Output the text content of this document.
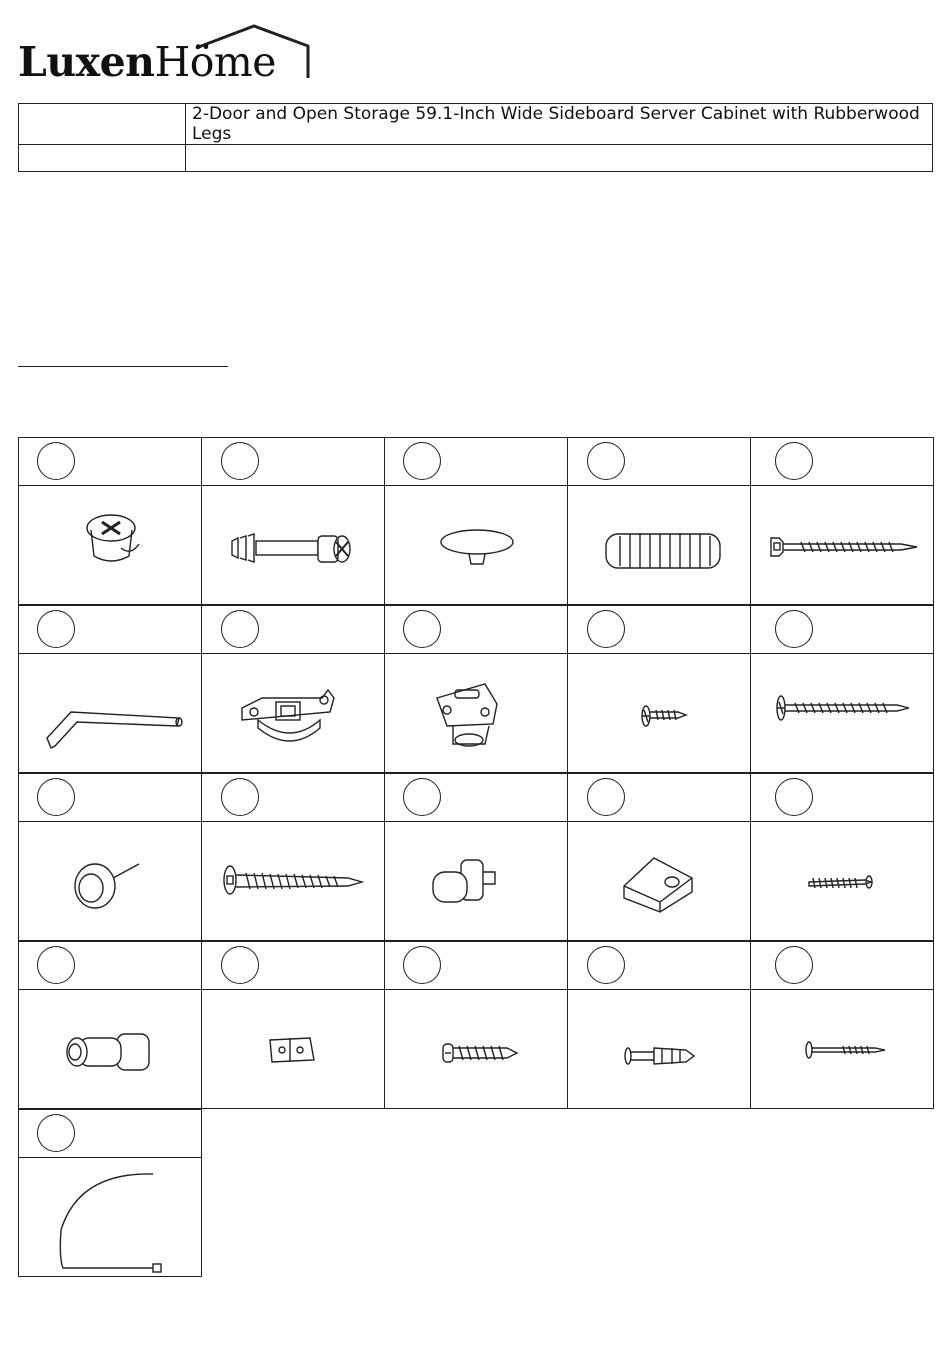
LuxenHöme
	2-Door and Open Storage 59.1-Inch Wide Sideboard Server Cabinet with Rubberwood Legs
